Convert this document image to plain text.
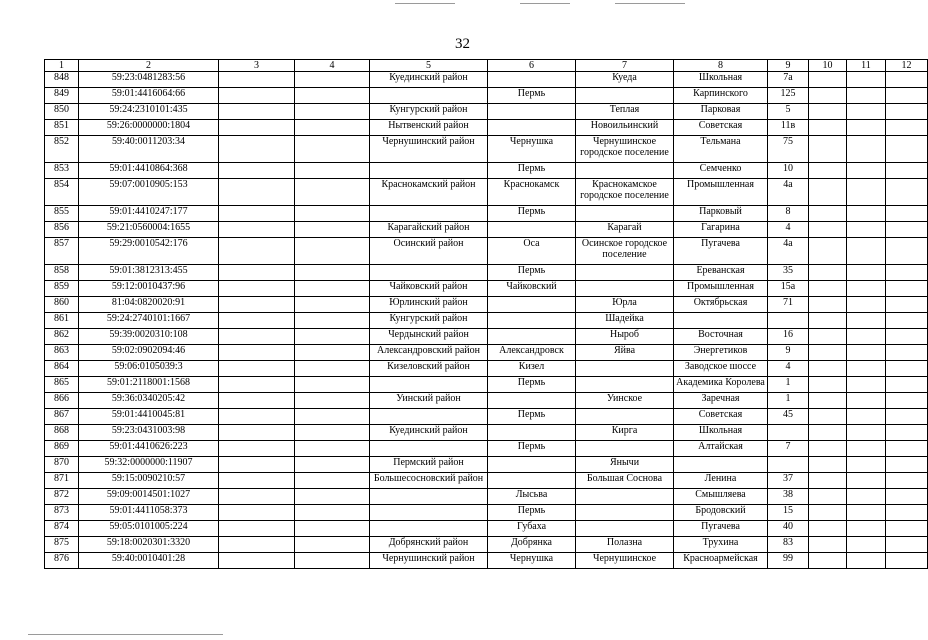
32
1	2	3	4	5	6	7	8	9	10	11	12
848	59:23:0481283:56			Куединский район		Куеда	Школьная	7а			
849	59:01:4416064:66				Пермь		Карпинского	125			
850	59:24:2310101:435			Кунгурский район		Теплая	Парковая	5			
851	59:26:0000000:1804			Нытвенский район		Новоильинский	Советская	11в			
852	59:40:0011203:34			Чернушинский район	Чернушка	Чернушинское городское поселение	Тельмана	75			
853	59:01:4410864:368				Пермь		Семченко	10			
854	59:07:0010905:153			Краснокамский район	Краснокамск	Краснокамское городское поселение	Промышленная	4а			
855	59:01:4410247:177				Пермь		Парковый	8			
856	59:21:0560004:1655			Карагайский район		Карагай	Гагарина	4			
857	59:29:0010542:176			Осинский район	Оса	Осинское городское поселение	Пугачева	4а			
858	59:01:3812313:455				Пермь		Ереванская	35			
859	59:12:0010437:96			Чайковский район	Чайковский		Промышленная	15а			
860	81:04:0820020:91			Юрлинский район		Юрла	Октябрьская	71			
861	59:24:2740101:1667			Кунгурский район		Шадейка					
862	59:39:0020310:108			Чердынский район		Ныроб	Восточная	16			
863	59:02:0902094:46			Александровский район	Александровск	Яйва	Энергетиков	9			
864	59:06:0105039:3			Кизеловский район	Кизел		Заводское шоссе	4			
865	59:01:2118001:1568				Пермь		Академика Королева	1			
866	59:36:0340205:42			Уинский район		Уинское	Заречная	1			
867	59:01:4410045:81				Пермь		Советская	45			
868	59:23:0431003:98			Куединский район		Кирга	Школьная				
869	59:01:4410626:223				Пермь		Алтайская	7			
870	59:32:0000000:11907			Пермский район		Янычи					
871	59:15:0090210:57			Большесосновский район		Большая Соснова	Ленина	37			
872	59:09:0014501:1027				Лысьва		Смышляева	38			
873	59:01:4411058:373				Пермь		Бродовский	15			
874	59:05:0101005:224				Губаха		Пугачева	40			
875	59:18:0020301:3320			Добрянский район	Добрянка	Полазна	Трухина	83			
876	59:40:0010401:28			Чернушинский район	Чернушка	Чернушинское	Красноармейская	99			
